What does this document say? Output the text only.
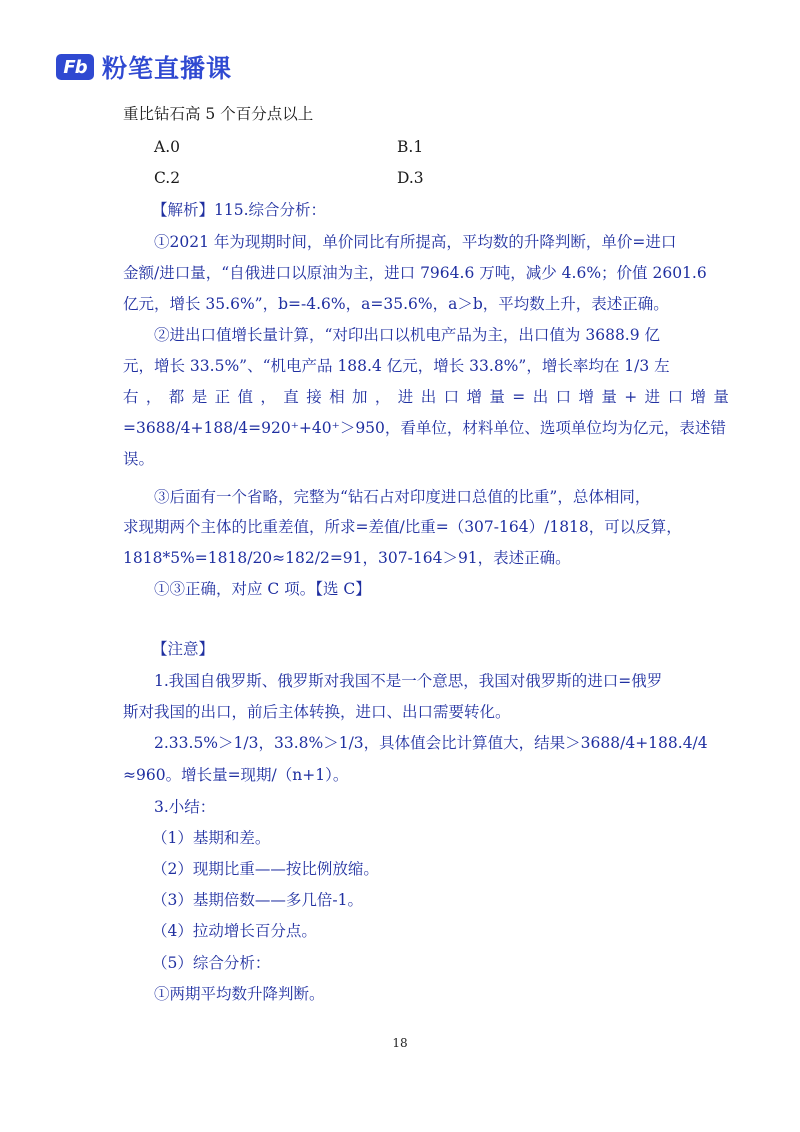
Fb 粉笔直播课
重比钻石高 5 个百分点以上
A.0	B.1
C.2	D.3
【解析】115.综合分析：
①2021 年为现期时间，单价同比有所提高，平均数的升降判断，单价=进口
金额/进口量，“自俄进口以原油为主，进口 7964.6 万吨，减少 4.6%；价值 2601.6
亿元，增长 35.6%”，b=-4.6%，a=35.6%，a＞b，平均数上升，表述正确。
②进出口值增长量计算，“对印出口以机电产品为主，出口值为 3688.9 亿
元，增长 33.5%”、“机电产品 188.4 亿元，增长 33.8%”，增长率均在 1/3 左
右，都是正值，直接相加，进出口增量=出口增量+进口增量
=3688/4+188/4=920⁺+40⁺＞950，看单位，材料单位、选项单位均为亿元，表述错
误。
③后面有一个省略，完整为“钻石占对印度进口总值的比重”，总体相同，
求现期两个主体的比重差值，所求=差值/比重=（307-164）/1818，可以反算，
1818*5%=1818/20≈182/2=91，307-164＞91，表述正确。
①③正确，对应 C 项。【选 C】
【注意】
1.我国自俄罗斯、俄罗斯对我国不是一个意思，我国对俄罗斯的进口=俄罗
斯对我国的出口，前后主体转换，进口、出口需要转化。
2.33.5%＞1/3，33.8%＞1/3，具体值会比计算值大，结果＞3688/4+188.4/4
≈960。增长量=现期/（n+1）。
3.小结：
（1）基期和差。
（2）现期比重——按比例放缩。
（3）基期倍数——多几倍-1。
（4）拉动增长百分点。
（5）综合分析：
①两期平均数升降判断。
18
